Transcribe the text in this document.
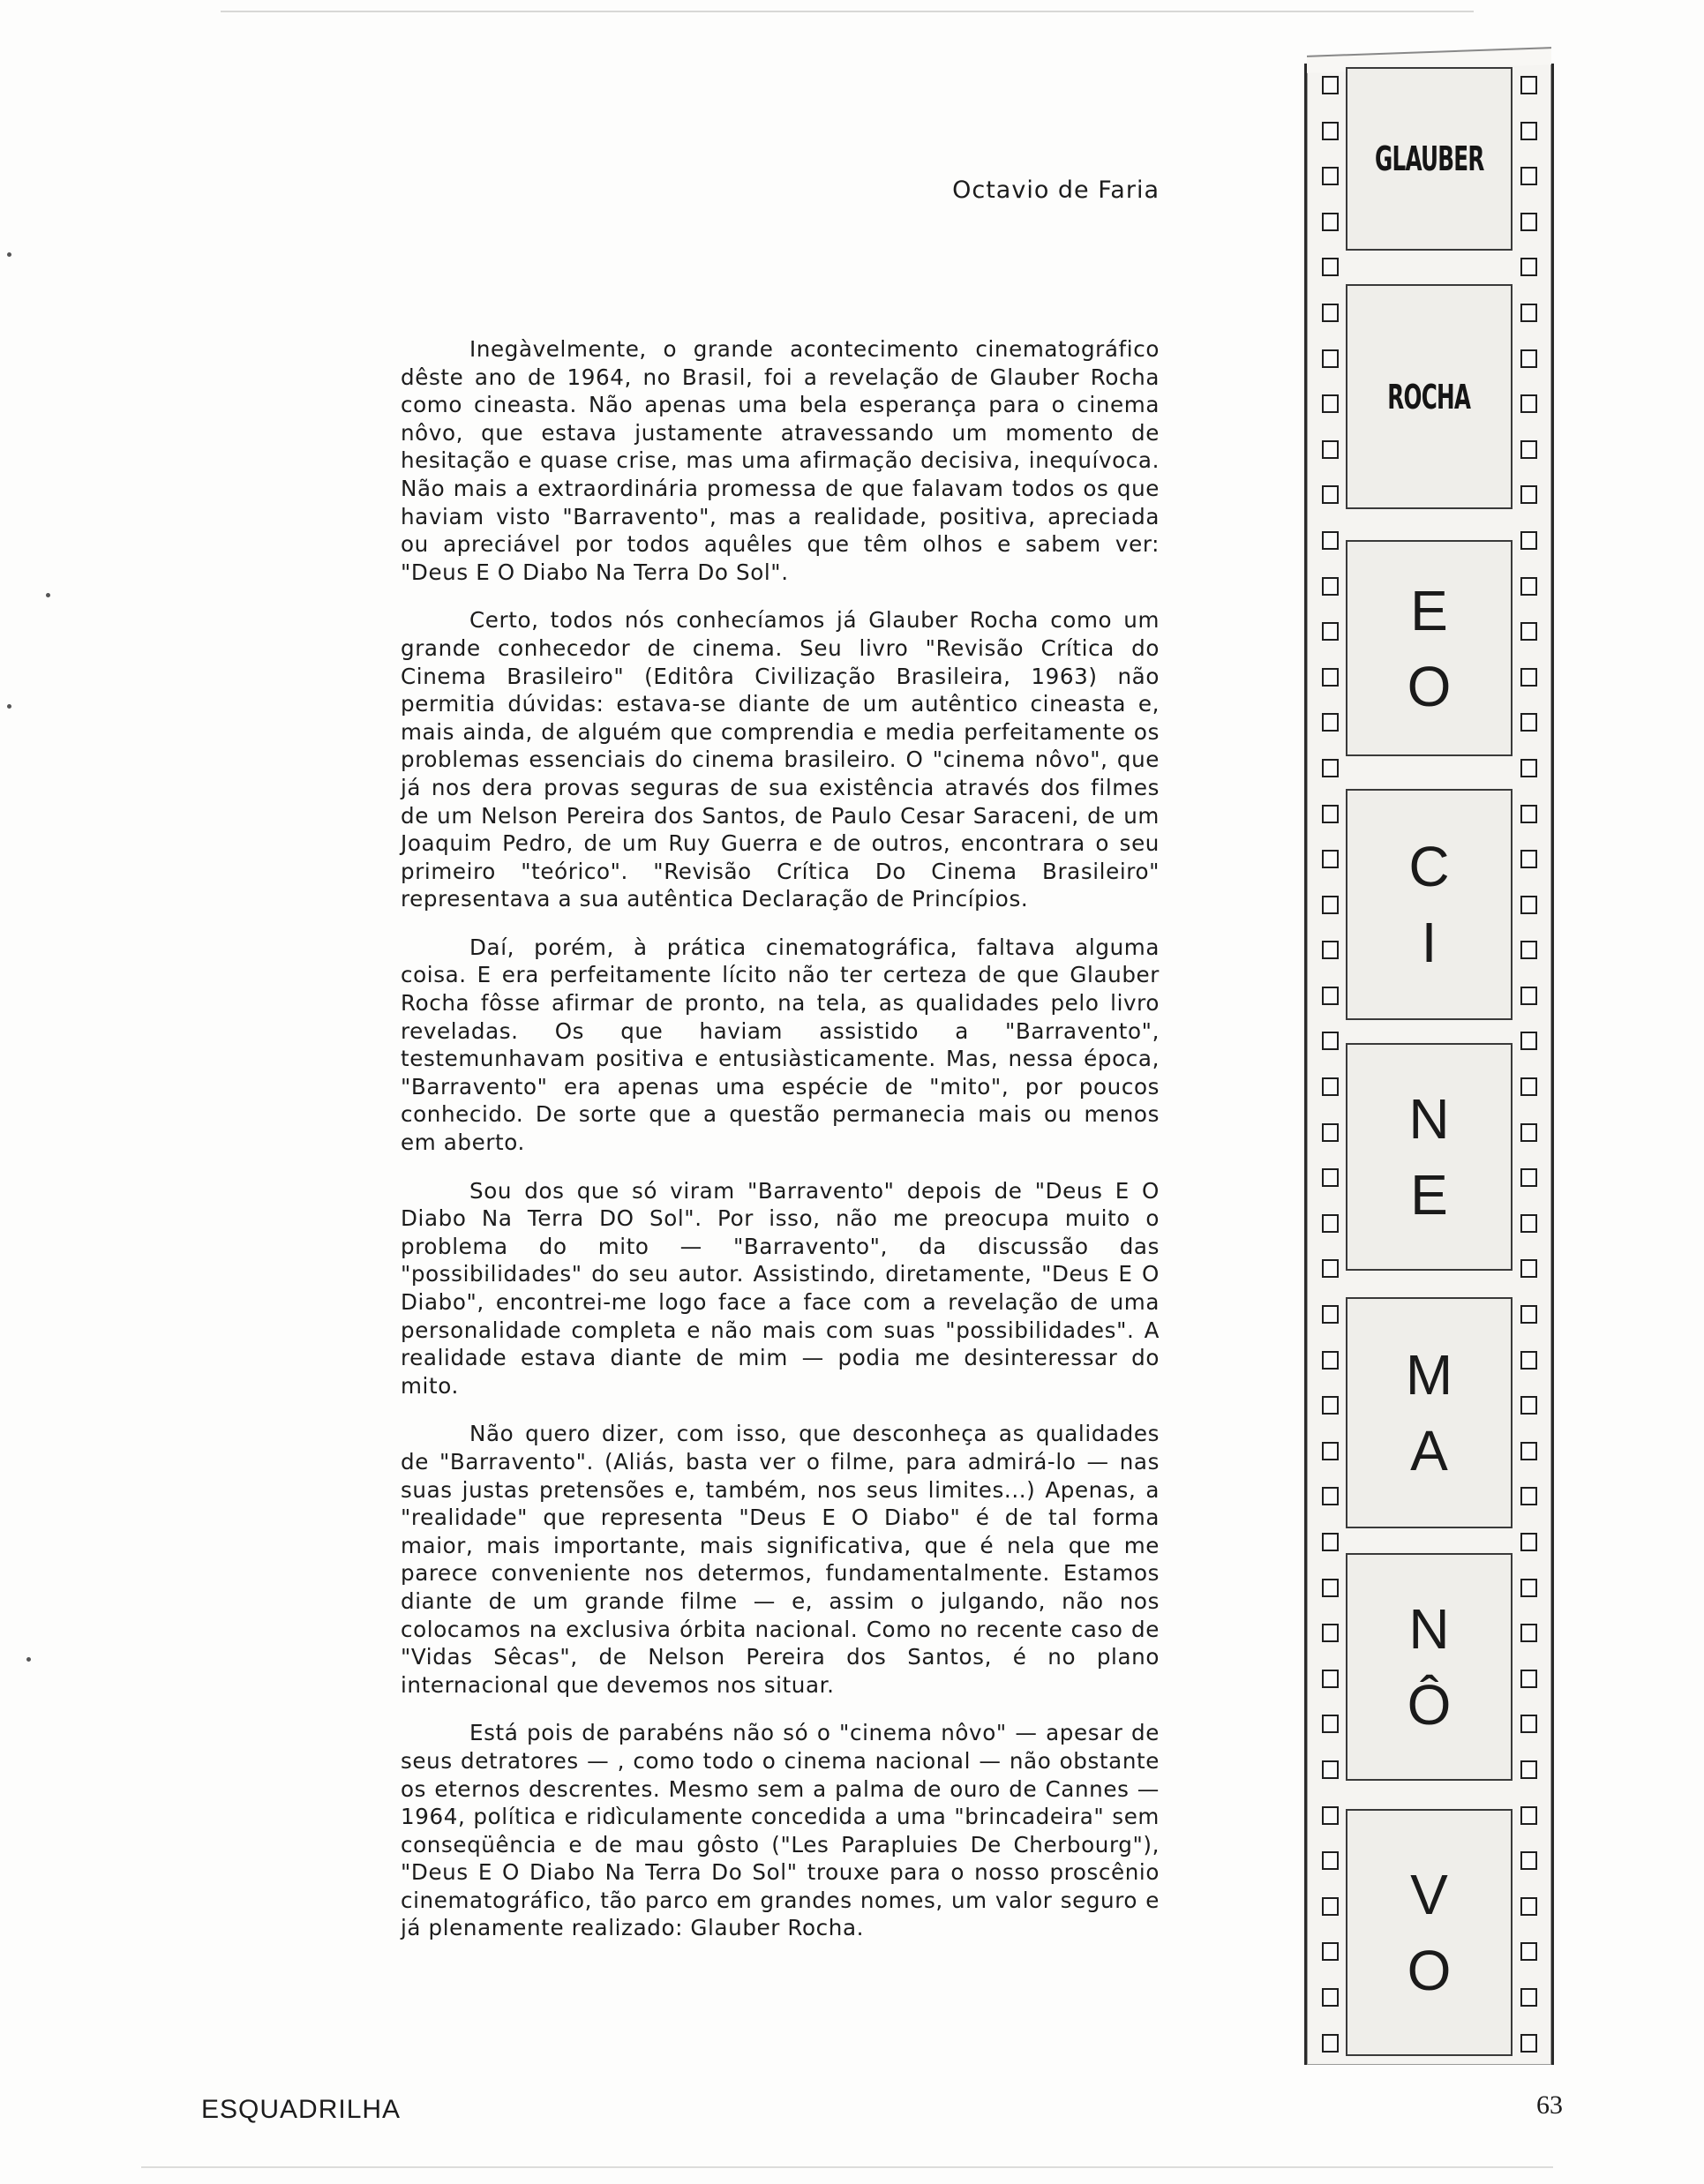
Octavio de Faria

Inegàvelmente, o grande acontecimento cinematográfico dêste ano de 1964, no Brasil, foi a revelação de Glauber Rocha como cineasta. Não apenas uma bela esperança para o cinema nôvo, que estava justamente atravessando um momento de hesitação e quase crise, mas uma afirmação decisiva, inequívoca. Não mais a extraordinária promessa de que falavam todos os que haviam visto "Barravento", mas a realidade, positiva, apreciada ou apreciável por todos aquêles que têm olhos e sabem ver: "Deus E O Diabo Na Terra Do Sol".

Certo, todos nós conhecíamos já Glauber Rocha como um grande conhecedor de cinema. Seu livro "Revisão Crítica do Cinema Brasileiro" (Editôra Civilização Brasileira, 1963) não permitia dúvidas: estava-se diante de um autêntico cineasta e, mais ainda, de alguém que comprendia e media perfeitamente os problemas essenciais do cinema brasileiro. O "cinema nôvo", que já nos dera provas seguras de sua existência através dos filmes de um Nelson Pereira dos Santos, de Paulo Cesar Saraceni, de um Joaquim Pedro, de um Ruy Guerra e de outros, encontrara o seu primeiro "teórico". "Revisão Crítica Do Cinema Brasileiro" representava a sua autêntica Declaração de Princípios.

Daí, porém, à prática cinematográfica, faltava alguma coisa. E era perfeitamente lícito não ter certeza de que Glauber Rocha fôsse afirmar de pronto, na tela, as qualidades pelo livro reveladas. Os que haviam assistido a "Barravento", testemunhavam positiva e entusiàsticamente. Mas, nessa época, "Barravento" era apenas uma espécie de "mito", por poucos conhecido. De sorte que a questão permanecia mais ou menos em aberto.

Sou dos que só viram "Barravento" depois de "Deus E O Diabo Na Terra DO Sol". Por isso, não me preocupa muito o problema do mito — "Barravento", da discussão das "possibilidades" do seu autor. Assistindo, diretamente, "Deus E O Diabo", encontrei-me logo face a face com a revelação de uma personalidade completa e não mais com suas "possibilidades". A realidade estava diante de mim — podia me desinteressar do mito.

Não quero dizer, com isso, que desconheça as qualidades de "Barravento". (Aliás, basta ver o filme, para admirá-lo — nas suas justas pretensões e, também, nos seus limites...) Apenas, a "realidade" que representa "Deus E O Diabo" é de tal forma maior, mais importante, mais significativa, que é nela que me parece conveniente nos determos, fundamentalmente. Estamos diante de um grande filme — e, assim o julgando, não nos colocamos na exclusiva órbita nacional. Como no recente caso de "Vidas Sêcas", de Nelson Pereira dos Santos, é no plano internacional que devemos nos situar.

Está pois de parabéns não só o "cinema nôvo" — apesar de seus detratores — , como todo o cinema nacional — não obstante os eternos descrentes. Mesmo sem a palma de ouro de Cannes — 1964, política e ridìculamente concedida a uma "brincadeira" sem conseqüência e de mau gôsto ("Les Parapluies De Cherbourg"), "Deus E O Diabo Na Terra Do Sol" trouxe para o nosso proscênio cinematográfico, tão parco em grandes nomes, um valor seguro e já plenamente realizado: Glauber Rocha.

GLAUBER
ROCHA
E
O
C
I
N
E
M
A
N
Ô
V
O
ESQUADRILHA	63
